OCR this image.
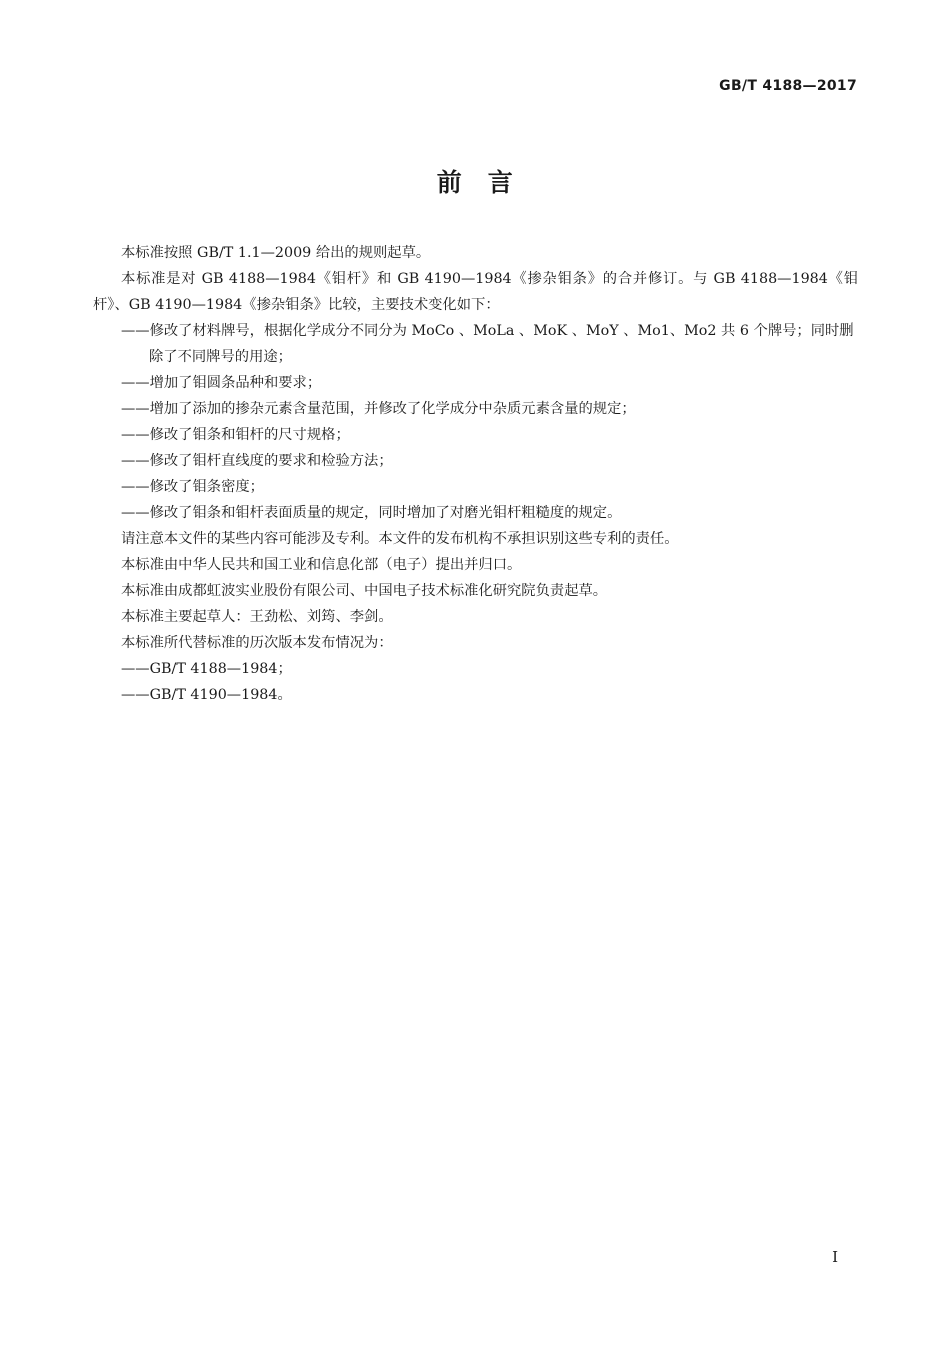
GB/T 4188—2017
前　言

本标准按照 GB/T 1.1—2009 给出的规则起草。

本标准是对 GB 4188—1984《钼杆》和 GB 4190—1984《掺杂钼条》的合并修订。与 GB 4188—1984《钼杆》、GB 4190—1984《掺杂钼条》比较，主要技术变化如下：

——修改了材料牌号，根据化学成分不同分为 MoCo 、MoLa 、MoK 、MoY 、Mo1、Mo2 共 6 个牌号；同时删除了不同牌号的用途；

——增加了钼圆条品种和要求；

——增加了添加的掺杂元素含量范围，并修改了化学成分中杂质元素含量的规定；

——修改了钼条和钼杆的尺寸规格；

——修改了钼杆直线度的要求和检验方法；

——修改了钼条密度；

——修改了钼条和钼杆表面质量的规定，同时增加了对磨光钼杆粗糙度的规定。

请注意本文件的某些内容可能涉及专利。本文件的发布机构不承担识别这些专利的责任。

本标准由中华人民共和国工业和信息化部（电子）提出并归口。

本标准由成都虹波实业股份有限公司、中国电子技术标准化研究院负责起草。

本标准主要起草人：王劲松、刘筠、李剑。

本标准所代替标准的历次版本发布情况为：

——GB/T 4188—1984；

——GB/T 4190—1984。

I
